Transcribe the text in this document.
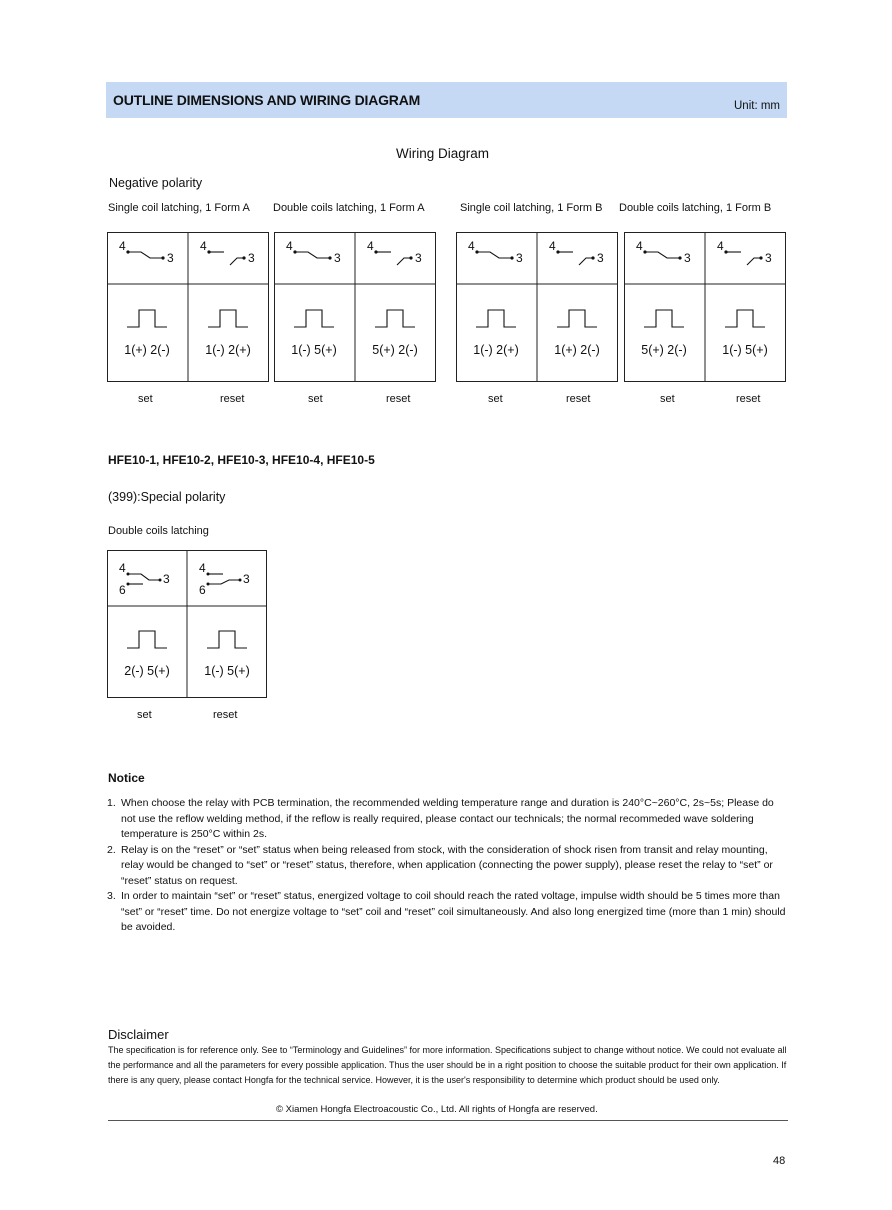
OUTLINE DIMENSIONS AND WIRING DIAGRAM	Unit: mm
Wiring Diagram
Negative polarity
Single coil latching, 1 Form A Double coils latching, 1 Form A	Single coil latching, 1 Form B Double coils latching, 1 Form B
4
3
1(+) 2(-)
4
3
1(-) 2(+)
4
3
1(-) 5(+)
4
3
5(+) 2(-)
4
3
1(-) 2(+)
4
3
1(+) 2(-)
4
3
5(+) 2(-)
4
3
1(-) 5(+)
set	reset	set	reset	set	reset	set	reset
HFE10-1, HFE10-2, HFE10-3, HFE10-4, HFE10-5
(399):Special polarity
Double coils latching
4
6
3
2(-) 5(+)
4
6
3
1(-) 5(+)
set	reset
Notice
1. When choose the relay with PCB termination, the recommended welding temperature range and duration is 240°C~260°C, 2s~5s; Please do not use the reflow welding method, if the reflow is really required, please contact our technicals; the normal recommeded wave soldering temperature is 250°C within 2s.
2. Relay is on the “reset” or “set” status when being released from stock, with the consideration of shock risen from transit and relay mounting, relay would be changed to “set” or “reset” status, therefore, when application (connecting the power supply), please reset the relay to “set” or “reset” status on request.
3. In order to maintain “set” or “reset” status, energized voltage to coil should reach the rated voltage, impulse width should be 5 times more than “set” or “reset” time. Do not energize voltage to “set” coil and “reset” coil simultaneously. And also long energized time (more than 1 min) should be avoided.
Disclaimer
The specification is for reference only. See to “Terminology and Guidelines” for more information. Specifications subject to change without notice. We could not evaluate all the performance and all the parameters for every possible application. Thus the user should be in a right position to choose the suitable product for their own application. If there is any query, please contact Hongfa for the technical service. However, it is the user's responsibility to determine which product should be used only.
© Xiamen Hongfa Electroacoustic Co., Ltd. All rights of Hongfa are reserved.
48
